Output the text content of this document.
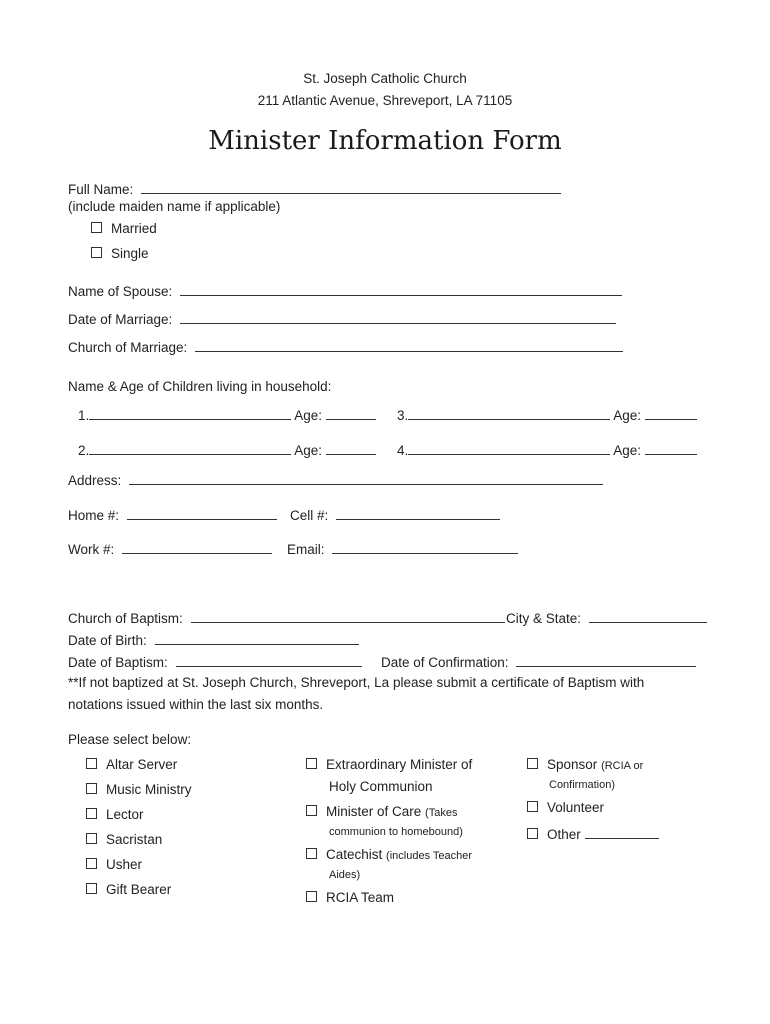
St. Joseph Catholic Church
211 Atlantic Avenue, Shreveport, LA 71105
Minister Information Form
Full Name:
(include maiden name if applicable)
Married
Single
Name of Spouse:
Date of Marriage:
Church of Marriage:
Name & Age of Children living in household:
1.	Age:	3.	Age:
2.	Age:	4.	Age:
Address:
Home #:	Cell #:
Work #:	Email:
Church of Baptism:	City & State:
Date of Birth:
Date of Baptism:	Date of Confirmation:
**If not baptized at St. Joseph Church, Shreveport, La please submit a certificate of Baptism with
notations issued within the last six months.
Please select below:
Altar Server
Music Ministry
Lector
Sacristan
Usher
Gift Bearer
Extraordinary Minister of
Holy Communion
Minister of Care (Takes
communion to homebound)
Catechist (includes Teacher
Aides)
RCIA Team
Sponsor (RCIA or
Confirmation)
Volunteer
Other
